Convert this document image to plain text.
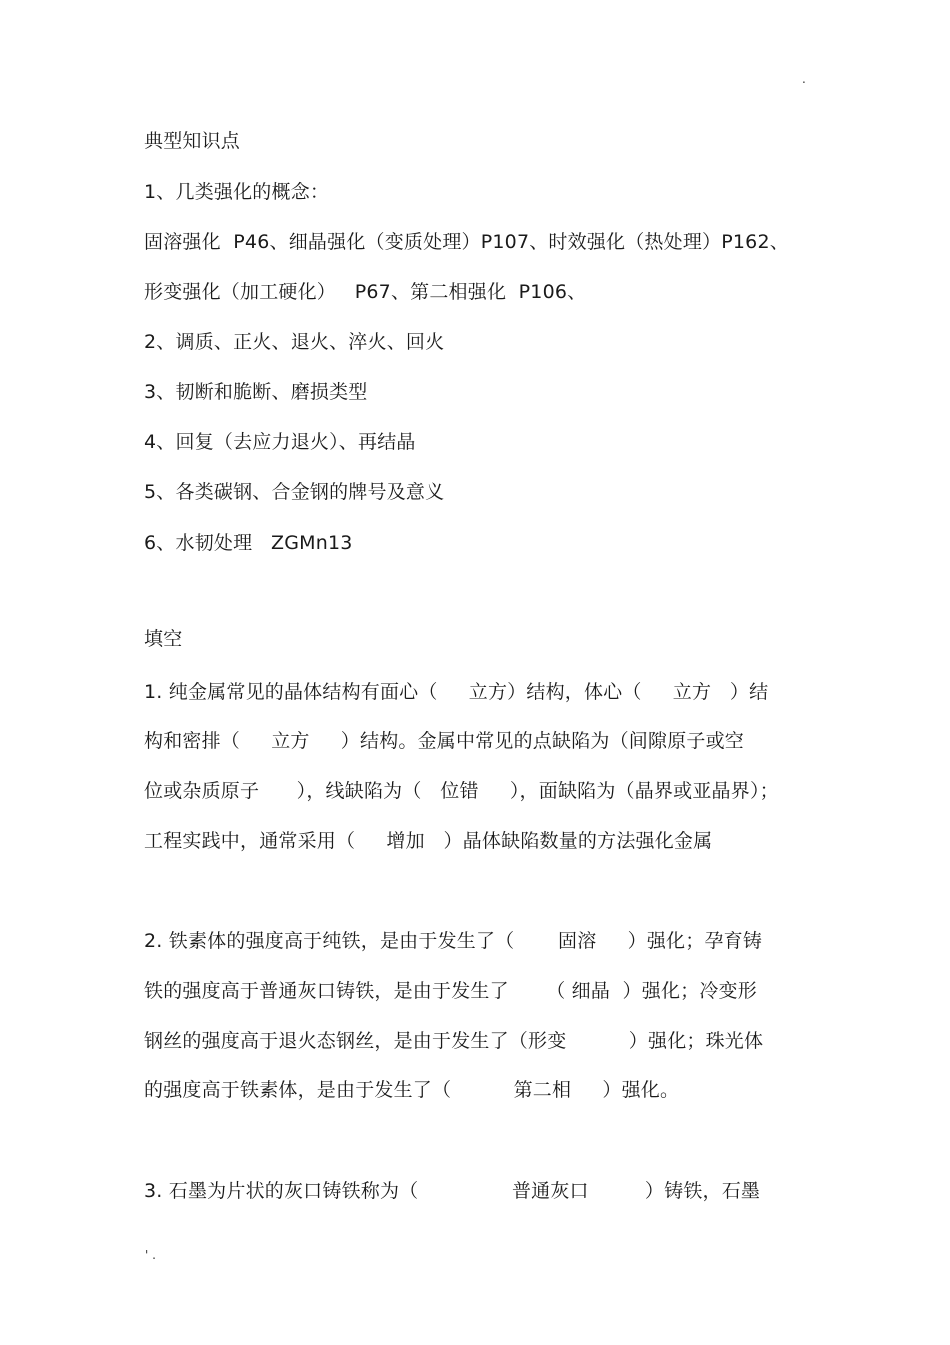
.
典型知识点
1、几类强化的概念：
固溶强化  P46、细晶强化（变质处理）P107、时效强化（热处理）P162、
形变强化（加工硬化）   P67、第二相强化  P106、
2、调质、正火、退火、淬火、回火
3、韧断和脆断、磨损类型
4、回复（去应力退火）、再结晶
5、各类碳钢、合金钢的牌号及意义
6、水韧处理   ZGMn13
填空
1. 纯金属常见的晶体结构有面心（     立方）结构，体心（     立方   ）结
构和密排（     立方     ）结构。金属中常见的点缺陷为（间隙原子或空
位或杂质原子      ），线缺陷为（   位错     ），面缺陷为（晶界或亚晶界）；
工程实践中，通常采用（     增加   ）晶体缺陷数量的方法强化金属
2. 铁素体的强度高于纯铁，是由于发生了（       固溶     ）强化；孕育铸
铁的强度高于普通灰口铸铁，是由于发生了      （ 细晶  ）强化；冷变形
钢丝的强度高于退火态钢丝，是由于发生了（形变          ）强化；珠光体
的强度高于铁素体，是由于发生了（          第二相     ）强化。
3. 石墨为片状的灰口铸铁称为（               普通灰口         ）铸铁，石墨
' .
